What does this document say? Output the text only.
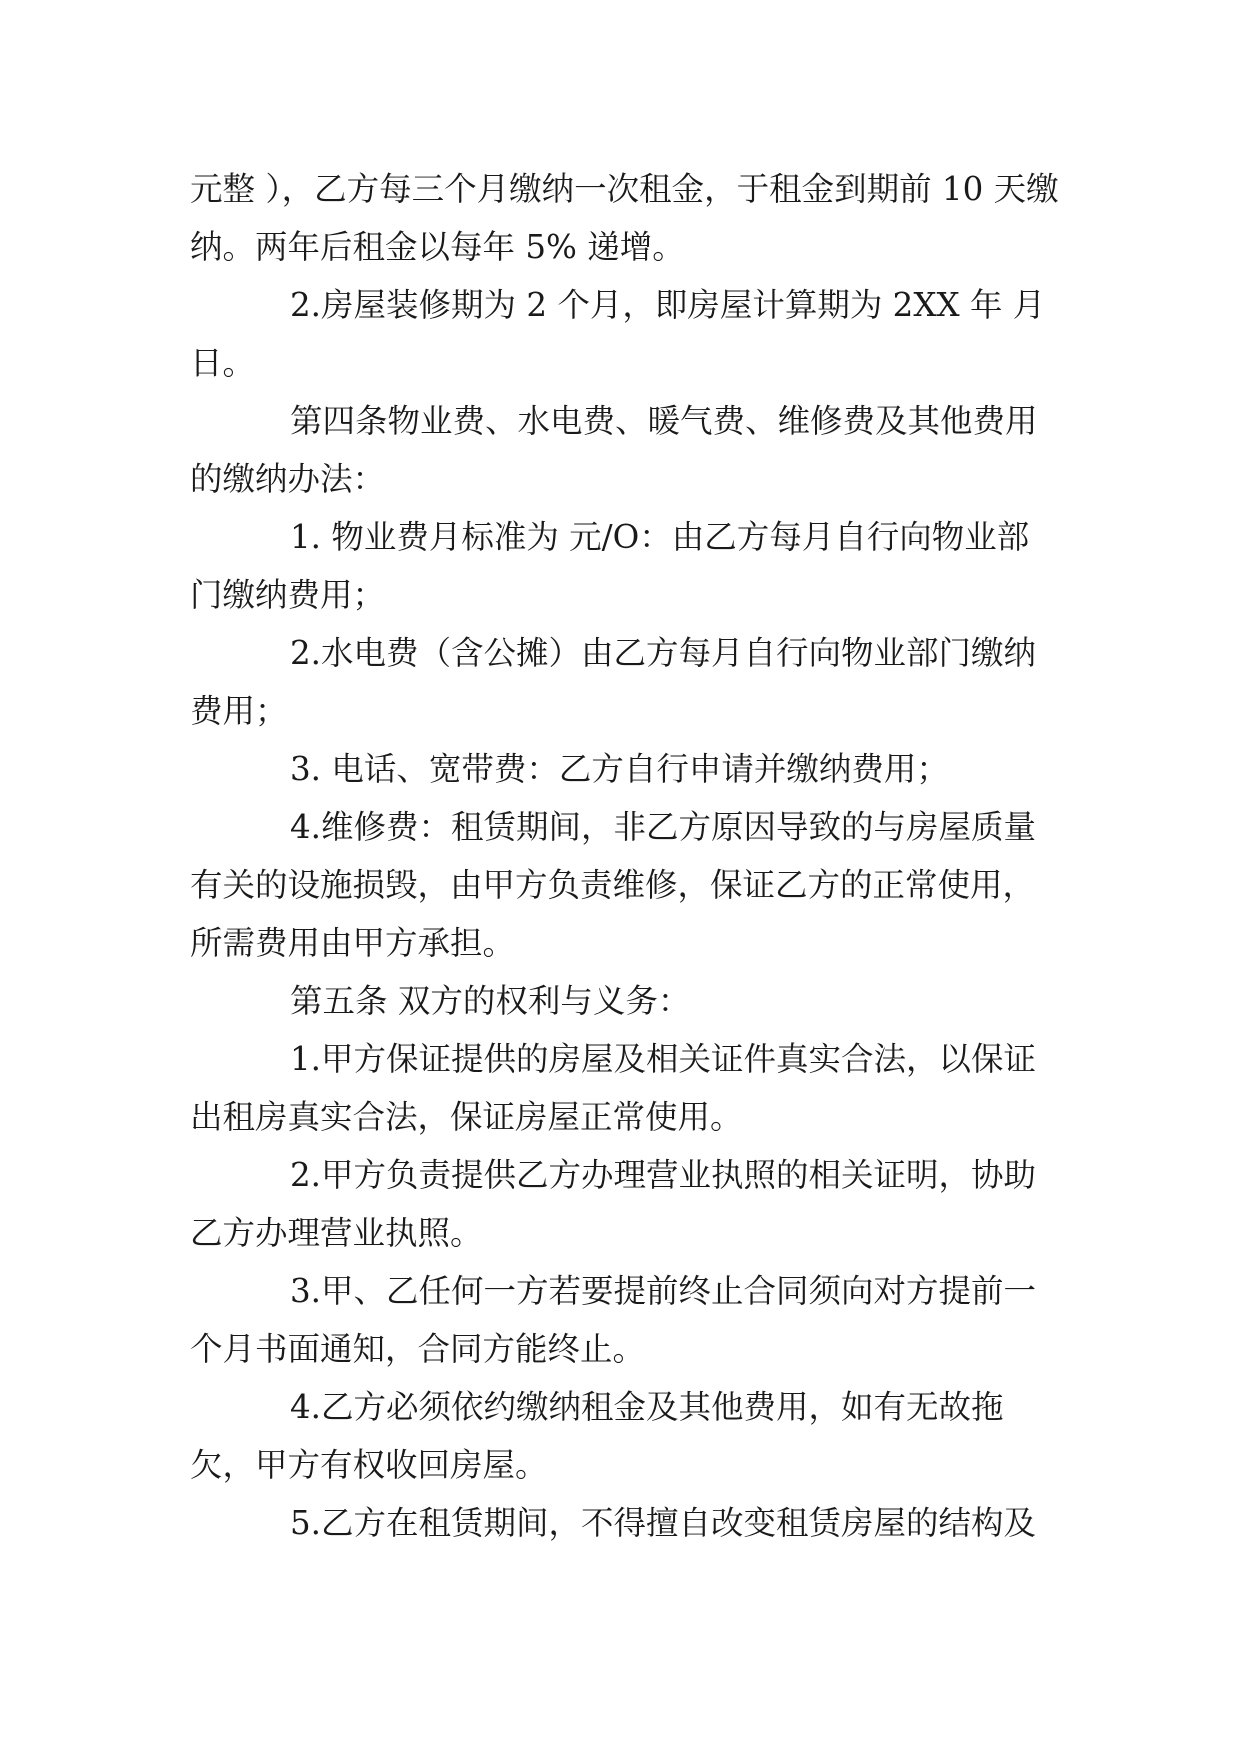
元整 ），乙方每三个月缴纳一次租金，于租金到期前 10 天缴纳。两年后租金以每年 5% 递增。

2.房屋装修期为 2 个月，即房屋计算期为 2XX 年 月日。

第四条物业费、水电费、暖气费、维修费及其他费用的缴纳办法：

1. 物业费月标准为 元/O：由乙方每月自行向物业部门缴纳费用；

2.水电费（含公摊）由乙方每月自行向物业部门缴纳费用；

3. 电话、宽带费：乙方自行申请并缴纳费用；

4.维修费：租赁期间，非乙方原因导致的与房屋质量有关的设施损毁，由甲方负责维修，保证乙方的正常使用，所需费用由甲方承担。

第五条 双方的权利与义务：

1.甲方保证提供的房屋及相关证件真实合法，以保证出租房真实合法，保证房屋正常使用。

2.甲方负责提供乙方办理营业执照的相关证明，协助乙方办理营业执照。

3.甲、乙任何一方若要提前终止合同须向对方提前一个月书面通知，合同方能终止。

4.乙方必须依约缴纳租金及其他费用，如有无故拖欠，甲方有权收回房屋。

5.乙方在租赁期间，不得擅自改变租赁房屋的结构及
